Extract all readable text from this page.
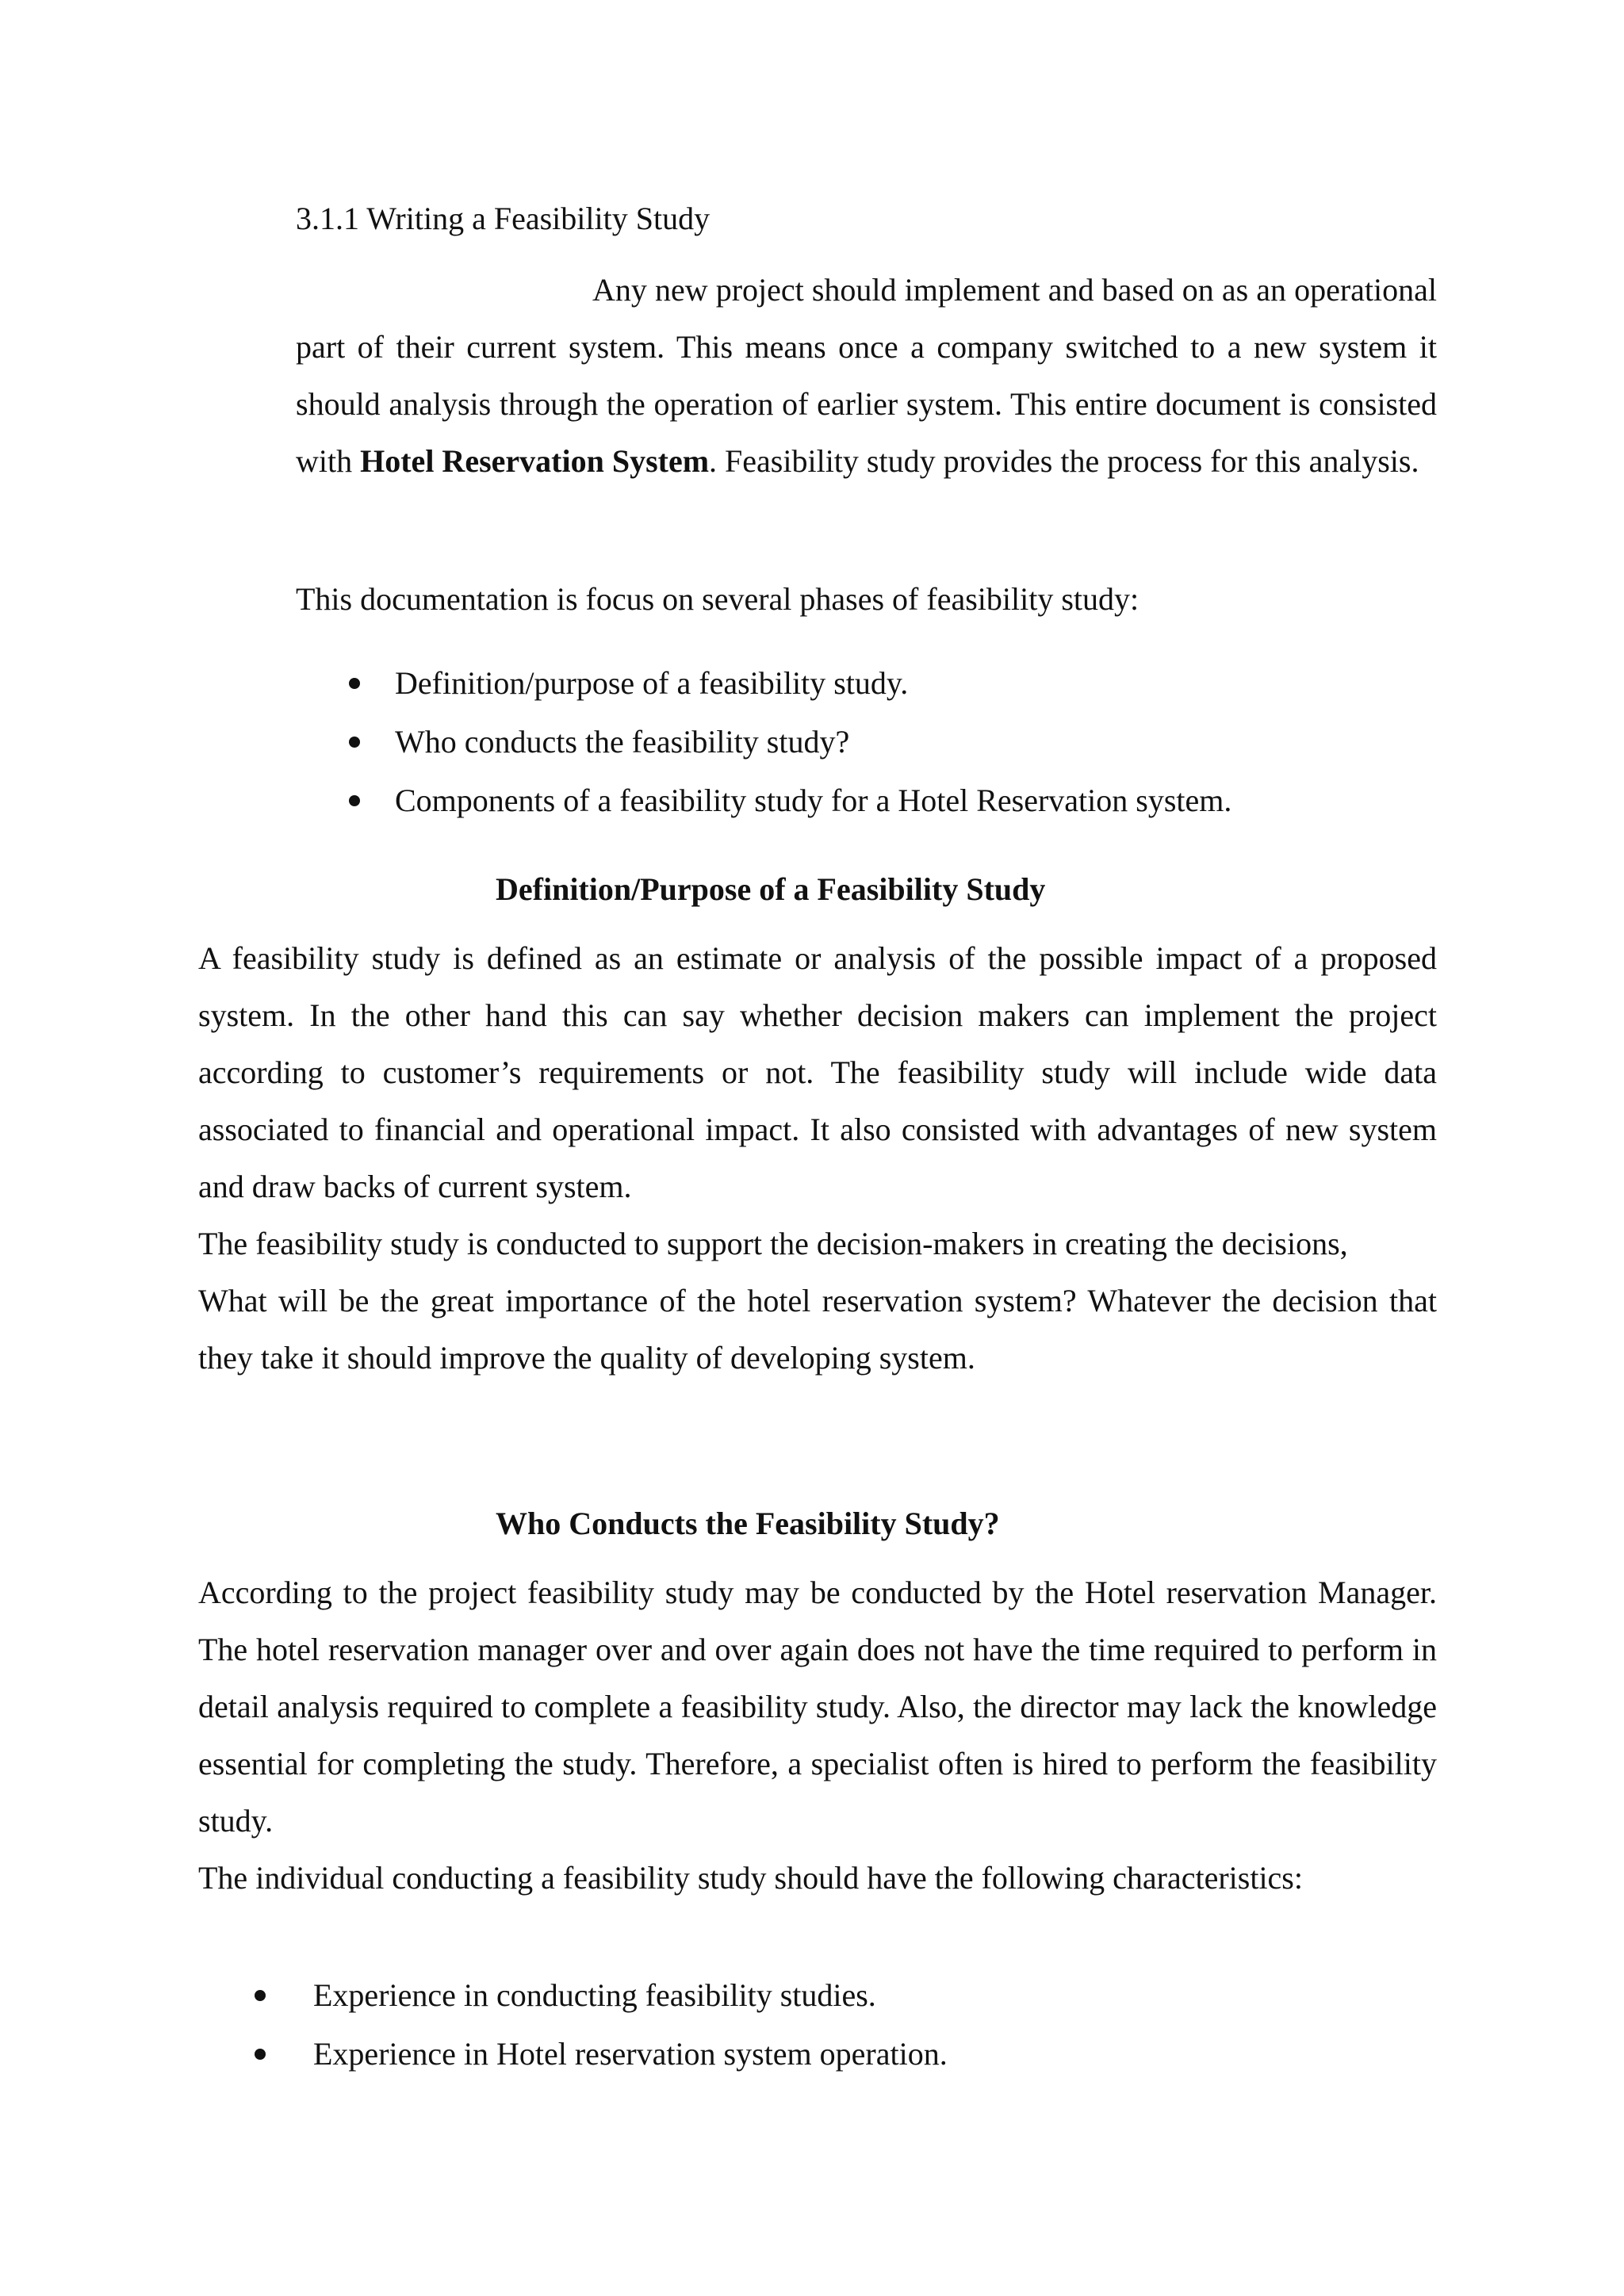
3.1.1 Writing a Feasibility Study

Any new project should implement and based on as an operational part of their current system. This means once a company switched to a new system it should analysis through the operation of earlier system. This entire document is consisted with Hotel Reservation System. Feasibility study provides the process for this analysis.

This documentation is focus on several phases of feasibility study:

Definition/purpose of a feasibility study.
Who conducts the feasibility study?
Components of a feasibility study for a Hotel Reservation system.
Definition/Purpose of a Feasibility Study

A feasibility study is defined as an estimate or analysis of the possible impact of a proposed system. In the other hand this can say whether decision makers can implement the project according to customer’s requirements or not. The feasibility study will include wide data associated to financial and operational impact. It also consisted with advantages of new system and draw backs of current system.

The feasibility study is conducted to support the decision-makers in creating the decisions,

What will be the great importance of the hotel reservation system? Whatever the decision that they take it should improve the quality of developing system.

Who Conducts the Feasibility Study?

According to the project feasibility study may be conducted by the Hotel reservation Manager. The hotel reservation manager over and over again does not have the time required to perform in detail analysis required to complete a feasibility study. Also, the director may lack the knowledge essential for completing the study. Therefore, a specialist often is hired to perform the feasibility study.

The individual conducting a feasibility study should have the following characteristics:

Experience in conducting feasibility studies.
Experience in Hotel reservation system operation.
